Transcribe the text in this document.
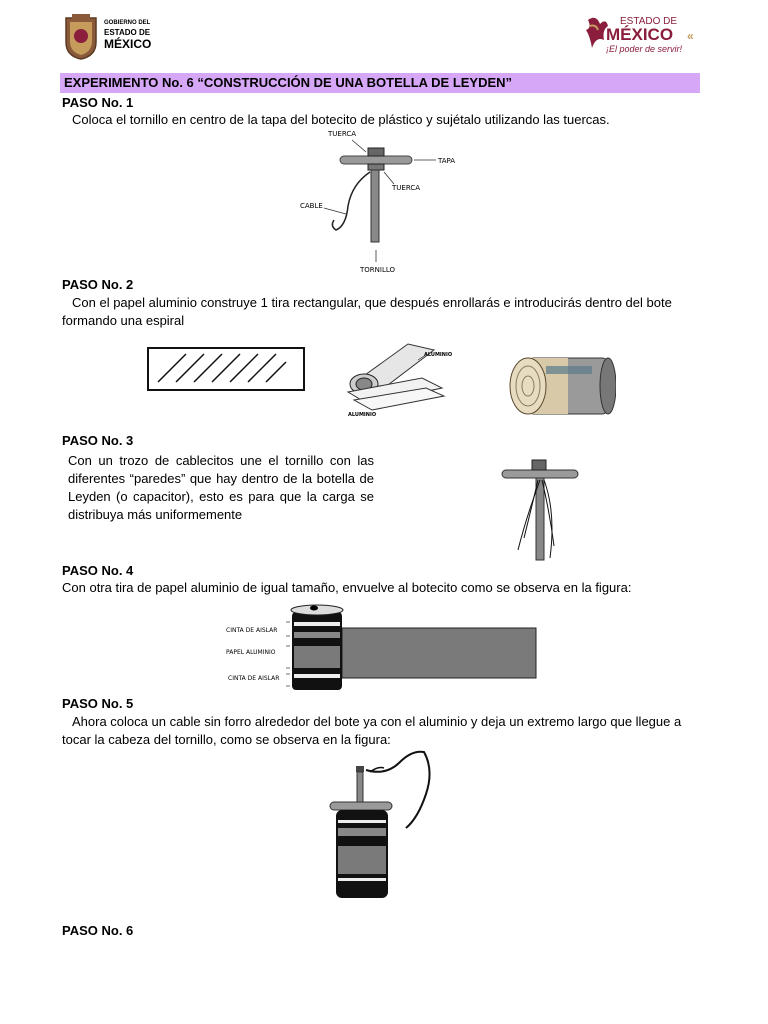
GOBIERNO DEL
ESTADO DE
MÉXICO
ESTADO DE
MÉXICO «
¡El poder de servir!
EXPERIMENTO No. 6 “CONSTRUCCIÓN DE UNA BOTELLA DE LEYDEN”
PASO No. 1
Coloca el tornillo en centro de la tapa del botecito de plástico y sujétalo utilizando las tuercas.
TUERCA
TAPA
TUERCA
CABLE
TORNILLO
PASO No. 2
Con el papel aluminio construye 1 tira rectangular, que después enrollarás e introducirás dentro del bote
formando una espiral
ALUMINIO
ALUMINIO
PASO No. 3
Con un trozo de cablecitos une el tornillo con las diferentes “paredes” que hay dentro de la botella de Leyden (o capacitor), esto es para que la carga se distribuya más uniformemente
PASO No. 4
Con otra tira de papel aluminio de igual tamaño, envuelve al botecito como se observa en la figura:
CINTA DE AISLAR
PAPEL ALUMINIO
CINTA DE AISLAR
PASO No. 5
Ahora coloca un cable sin forro alrededor del bote ya con el aluminio y deja un extremo largo que llegue a
tocar la cabeza del tornillo, como se observa en la figura:
PASO No. 6
